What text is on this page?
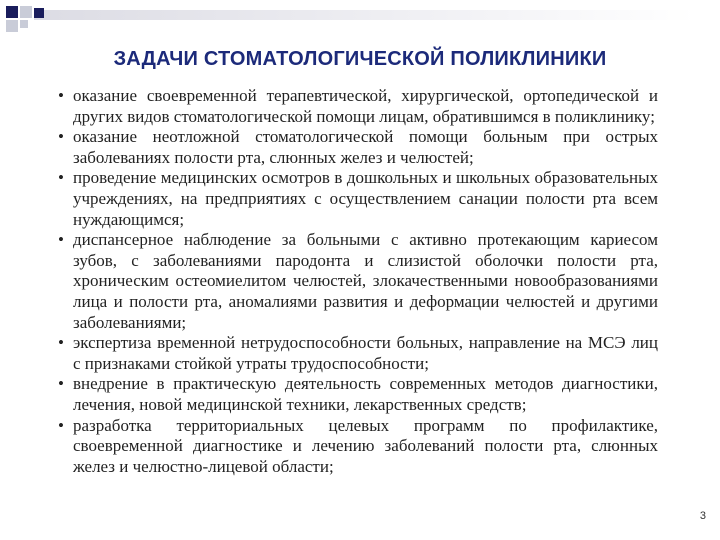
ЗАДАЧИ СТОМАТОЛОГИЧЕСКОЙ ПОЛИКЛИНИКИ
• оказание своевременной терапевтической, хирургической, ортопедической и других видов стоматологической помощи лицам, обратившимся в поликлинику;
• оказание неотложной стоматологической помощи больным при острых заболеваниях полости рта, слюнных желез и челюстей;
• проведение медицинских осмотров в дошкольных и школьных образовательных учреждениях, на предприятиях с осуществлением санации полости рта всем нуждающимся;
• диспансерное наблюдение за больными с активно протекающим кариесом зубов, с заболеваниями пародонта и слизистой оболочки полости рта, хроническим остеомиелитом челюстей, злокачественными новообразованиями лица и полости рта, аномалиями развития и деформации челюстей и другими заболеваниями;
• экспертиза временной нетрудоспособности больных, направление на МСЭ лиц с признаками стойкой утраты трудоспособности;
• внедрение в практическую деятельность современных методов диагностики, лечения, новой медицинской техники, лекарственных средств;
• разработка территориальных целевых программ по профилактике, своевременной диагностике и лечению заболеваний полости рта, слюнных желез и челюстно-лицевой области;
3
